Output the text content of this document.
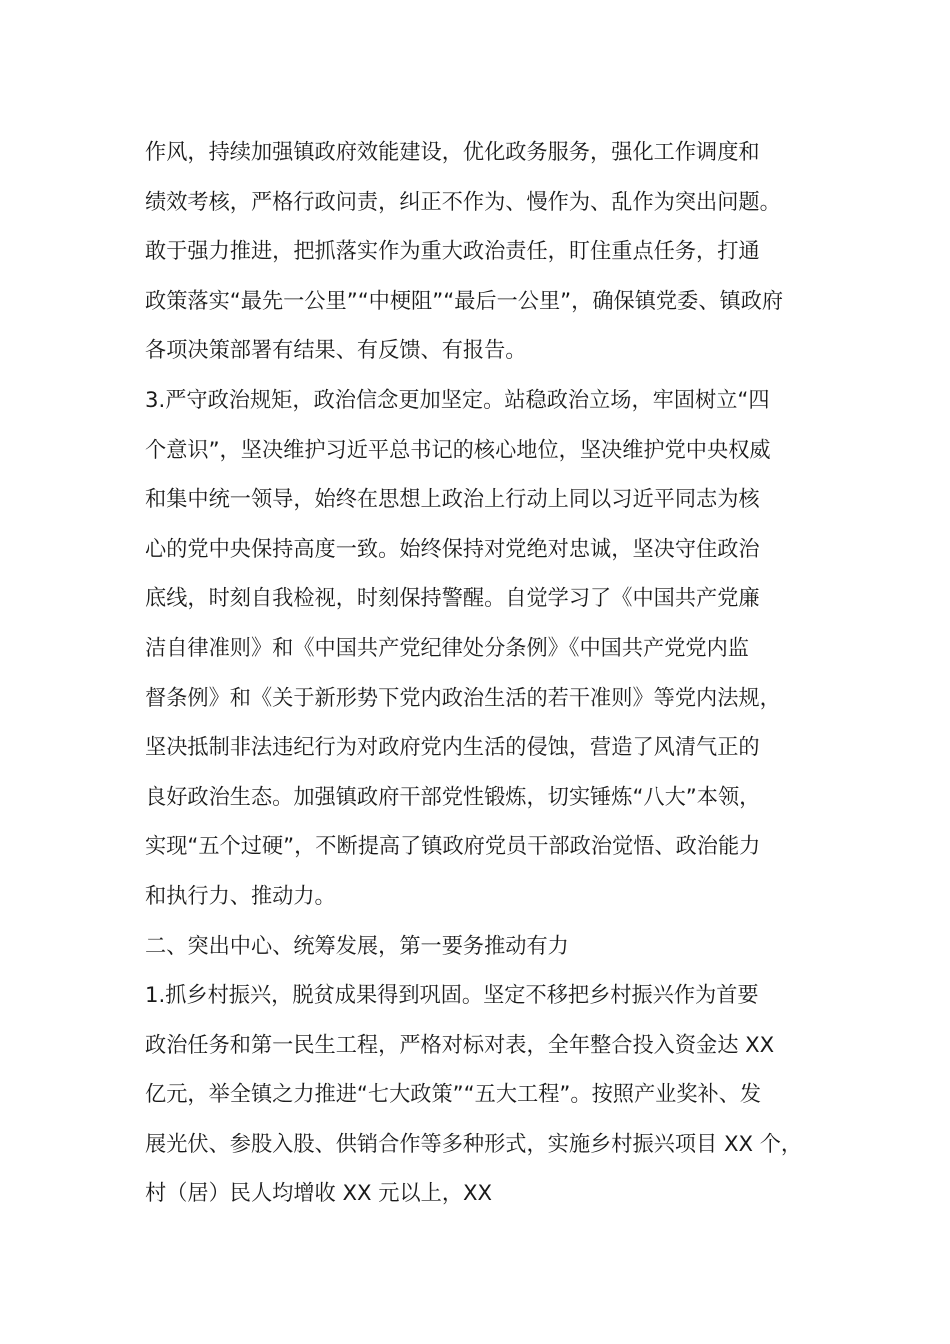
作风，持续加强镇政府效能建设，优化政务服务，强化工作调度和
绩效考核，严格行政问责，纠正不作为、慢作为、乱作为突出问题。
敢于强力推进，把抓落实作为重大政治责任，盯住重点任务，打通
政策落实“最先一公里”“中梗阻”“最后一公里”，确保镇党委、镇政府
各项决策部署有结果、有反馈、有报告。
3.严守政治规矩，政治信念更加坚定。站稳政治立场，牢固树立“四
个意识”，坚决维护习近平总书记的核心地位，坚决维护党中央权威
和集中统一领导，始终在思想上政治上行动上同以习近平同志为核
心的党中央保持高度一致。始终保持对党绝对忠诚，坚决守住政治
底线，时刻自我检视，时刻保持警醒。自觉学习了《中国共产党廉
洁自律准则》和《中国共产党纪律处分条例》《中国共产党党内监
督条例》和《关于新形势下党内政治生活的若干准则》等党内法规，
坚决抵制非法违纪行为对政府党内生活的侵蚀，营造了风清气正的
良好政治生态。加强镇政府干部党性锻炼，切实锤炼“八大”本领，
实现“五个过硬”，不断提高了镇政府党员干部政治觉悟、政治能力
和执行力、推动力。
二、突出中心、统筹发展，第一要务推动有力
1.抓乡村振兴，脱贫成果得到巩固。坚定不移把乡村振兴作为首要
政治任务和第一民生工程，严格对标对表，全年整合投入资金达 XX
亿元，举全镇之力推进“七大政策”“五大工程”。按照产业奖补、发
展光伏、参股入股、供销合作等多种形式，实施乡村振兴项目 XX 个，
村（居）民人均增收 XX 元以上，XX
